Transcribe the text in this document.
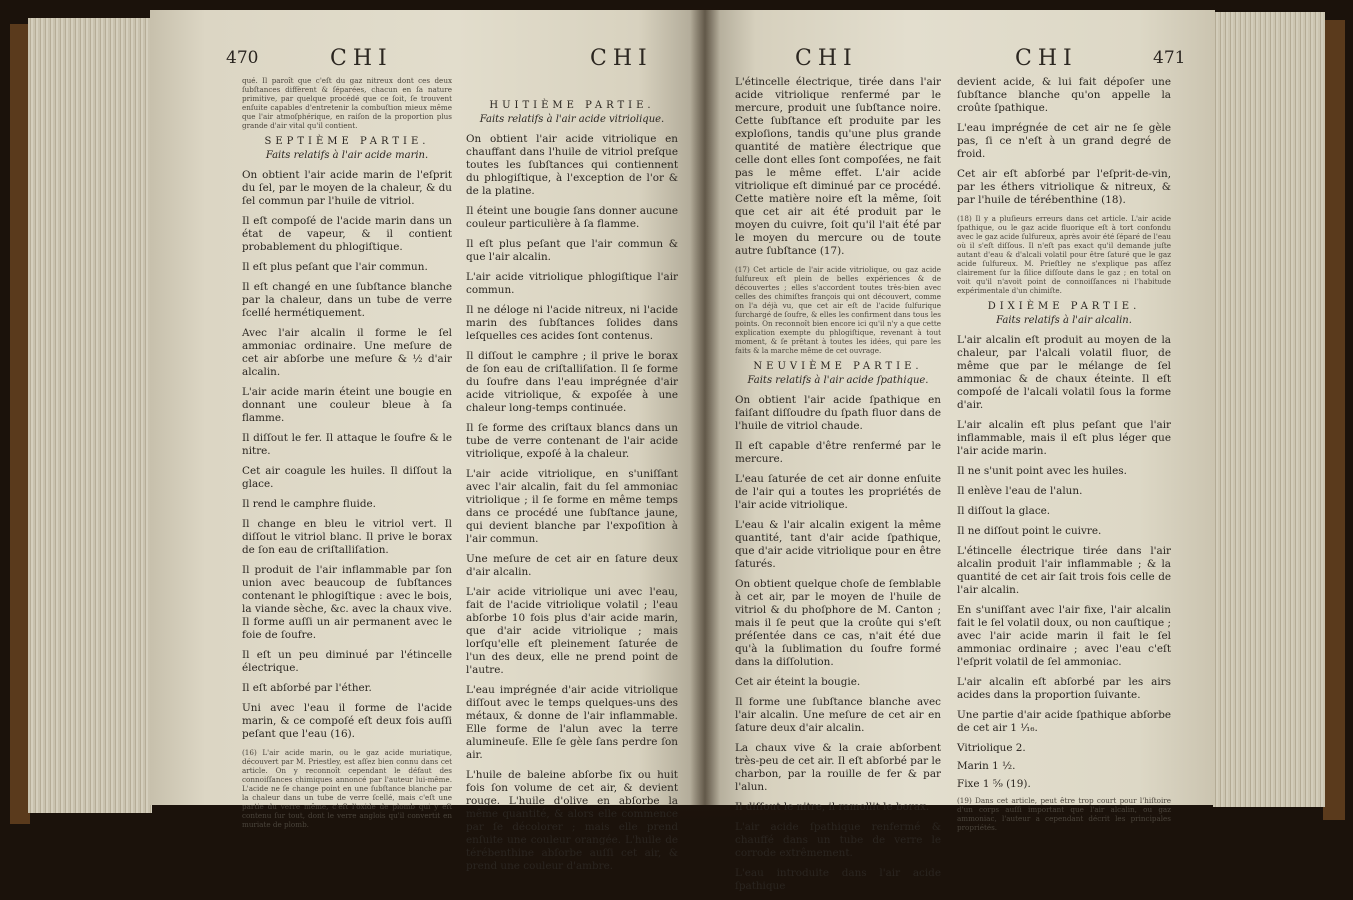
470	CHI	CHI

qué. Il paroît que c'eſt du gaz nitreux dont ces deux ſubſtances diffèrent & ſéparées, chacun en ſa nature primitive, par quelque procédé que ce ſoit, ſe trouvent enſuite capables d'entretenir la combuſtion mieux même que l'air atmoſphérique, en raiſon de la proportion plus grande d'air vital qu'il contient.

SEPTIÈME PARTIE.
Faits relatifs à l'air acide marin.

On obtient l'air acide marin de l'eſprit du ſel, par le moyen de la chaleur, & du ſel commun par l'huile de vitriol.

Il eſt compoſé de l'acide marin dans un état de vapeur, & il contient probablement du phlogiſtique.

Il eſt plus peſant que l'air commun.

Il eſt changé en une ſubſtance blanche par la chaleur, dans un tube de verre ſcellé hermétiquement.

Avec l'air alcalin il forme le ſel ammoniac ordinaire. Une meſure de cet air abſorbe une meſure & ½ d'air alcalin.

L'air acide marin éteint une bougie en donnant une couleur bleue à ſa flamme.

Il diſſout le fer. Il attaque le ſoufre & le nitre.

Cet air coagule les huiles. Il diſſout la glace.

Il rend le camphre fluide.

Il change en bleu le vitriol vert. Il diſſout le vitriol blanc. Il prive le borax de ſon eau de criſtalliſation.

Il produit de l'air inflammable par ſon union avec beaucoup de ſubſtances contenant le phlogiſtique : avec le bois, la viande sèche, &c. avec la chaux vive. Il forme auſſi un air permanent avec le foie de ſoufre.

Il eſt un peu diminué par l'étincelle électrique.

Il eſt abſorbé par l'éther.

Uni avec l'eau il forme de l'acide marin, & ce compoſé eſt deux fois auſſi peſant que l'eau (16).

(16) L'air acide marin, ou le gaz acide muriatique, découvert par M. Priestley, est aſſez bien connu dans cet article. On y reconnoît cependant le défaut des connoiſſances chimiques annoncé par l'auteur lui-même. L'acide ne ſe change point en une ſubſtance blanche par la chaleur dans un tube de verre ſcellé, mais c'eſt une partie du verre même, c'eſt l'oxide de plomb qui y eſt contenu ſur tout, dont le verre anglois qu'il convertit en muriate de plomb.

HUITIÈME PARTIE.
Faits relatifs à l'air acide vitriolique.

On obtient l'air acide vitriolique en chauffant dans l'huile de vitriol preſque toutes les ſubſtances qui contiennent du phlogiſtique, à l'exception de l'or & de la platine.

Il éteint une bougie ſans donner aucune couleur particulière à ſa flamme.

Il eſt plus peſant que l'air commun & que l'air alcalin.

L'air acide vitriolique phlogiſtique l'air commun.

Il ne déloge ni l'acide nitreux, ni l'acide marin des ſubſtances ſolides dans leſquelles ces acides ſont contenus.

Il diſſout le camphre ; il prive le borax de ſon eau de criſtalliſation. Il ſe forme du ſoufre dans l'eau imprégnée d'air acide vitriolique, & expoſée à une chaleur long-temps continuée.

Il ſe forme des criſtaux blancs dans un tube de verre contenant de l'air acide vitriolique, expoſé à la chaleur.

L'air acide vitriolique, en s'uniſſant avec l'air alcalin, fait du ſel ammoniac vitriolique ; il ſe forme en même temps dans ce procédé une ſubſtance jaune, qui devient blanche par l'expoſition à l'air commun.

Une meſure de cet air en ſature deux d'air alcalin.

L'air acide vitriolique uni avec l'eau, fait de l'acide vitriolique volatil ; l'eau abſorbe 10 fois plus d'air acide marin, que d'air acide vitriolique ; mais lorſqu'elle eſt pleinement ſaturée de l'un des deux, elle ne prend point de l'autre.

L'eau imprégnée d'air acide vitriolique diſſout avec le temps quelques-uns des métaux, & donne de l'air inflammable. Elle forme de l'alun avec la terre alumineuſe. Elle ſe gèle ſans perdre ſon air.

L'huile de baleine abſorbe ſix ou huit fois ſon volume de cet air, & devient rouge. L'huile d'olive en abſorbe la même quantité, & alors elle commence par ſe décolorer ; mais elle prend enſuite une couleur orangée. L'huile de térébenthine abſorbe auſſi cet air, & prend une couleur d'ambre.

CHI	CHI	471

L'étincelle électrique, tirée dans l'air acide vitriolique renfermé par le mercure, produit une ſubſtance noire. Cette ſubſtance eſt produite par les exploſions, tandis qu'une plus grande quantité de matière électrique que celle dont elles ſont compoſées, ne fait pas le même effet. L'air acide vitriolique eſt diminué par ce procédé. Cette matière noire eſt la même, ſoit que cet air ait été produit par le moyen du cuivre, ſoit qu'il l'ait été par le moyen du mercure ou de toute autre ſubſtance (17).

(17) Cet article de l'air acide vitriolique, ou gaz acide ſulfureux eſt plein de belles expériences & de découvertes ; elles s'accordent toutes très-bien avec celles des chimiſtes françois qui ont découvert, comme on l'a déjà vu, que cet air eſt de l'acide ſulfurique ſurchargé de ſoufre, & elles les confirment dans tous les points. On reconnoît bien encore ici qu'il n'y a que cette explication exempte du phlogiſtique, revenant à tout moment, & ſe prêtant à toutes les idées, qui pare les faits & la marche même de cet ouvrage.

NEUVIÈME PARTIE.
Faits relatifs à l'air acide ſpathique.

On obtient l'air acide ſpathique en faiſant diſſoudre du ſpath fluor dans de l'huile de vitriol chaude.

Il eſt capable d'être renfermé par le mercure.

L'eau ſaturée de cet air donne enſuite de l'air qui a toutes les propriétés de l'air acide vitriolique.

L'eau & l'air alcalin exigent la même quantité, tant d'air acide ſpathique, que d'air acide vitriolique pour en être ſaturés.

On obtient quelque choſe de ſemblable à cet air, par le moyen de l'huile de vitriol & du phoſphore de M. Canton ; mais il ſe peut que la croûte qui s'eſt préſentée dans ce cas, n'ait été due qu'à la ſublimation du ſoufre formé dans la diſſolution.

Cet air éteint la bougie.

Il forme une ſubſtance blanche avec l'air alcalin. Une meſure de cet air en ſature deux d'air alcalin.

La chaux vive & la craie abſorbent très-peu de cet air. Il eſt abſorbé par le charbon, par la rouille de fer & par l'alun.

Il diſſout le nitre, il ramollit le borax.

L'air acide ſpathique renfermé & chauffé dans un tube de verre le corrode extrêmement.

L'eau introduite dans l'air acide ſpathique

devient acide, & lui fait dépoſer une ſubſtance blanche qu'on appelle la croûte ſpathique.

L'eau imprégnée de cet air ne ſe gèle pas, ſi ce n'eſt à un grand degré de froid.

Cet air eſt abſorbé par l'eſprit-de-vin, par les éthers vitriolique & nitreux, & par l'huile de térébenthine (18).

(18) Il y a pluſieurs erreurs dans cet article. L'air acide ſpathique, ou le gaz acide fluorique eſt à tort confondu avec le gaz acide ſulfureux, après avoir été ſéparé de l'eau où il s'eſt diſſous. Il n'eſt pas exact qu'il demande juſte autant d'eau & d'alcali volatil pour être ſaturé que le gaz acide ſulfureux. M. Prieſtley ne s'explique pas aſſez clairement ſur la ſilice diſſoute dans le gaz ; en total on voit qu'il n'avoit point de connoiſſances ni l'habitude expérimentale d'un chimiſte.

DIXIÈME PARTIE.
Faits relatifs à l'air alcalin.

L'air alcalin eſt produit au moyen de la chaleur, par l'alcali volatil fluor, de même que par le mélange de ſel ammoniac & de chaux éteinte. Il eſt compoſé de l'alcali volatil ſous la forme d'air.

L'air alcalin eſt plus peſant que l'air inflammable, mais il eſt plus léger que l'air acide marin.

Il ne s'unit point avec les huiles.

Il enlève l'eau de l'alun.

Il diſſout la glace.

Il ne diſſout point le cuivre.

L'étincelle électrique tirée dans l'air alcalin produit l'air inflammable ; & la quantité de cet air ſait trois fois celle de l'air alcalin.

En s'uniſſant avec l'air fixe, l'air alcalin fait le ſel volatil doux, ou non cauſtique ; avec l'air acide marin il fait le ſel ammoniac ordinaire ; avec l'eau c'eſt l'eſprit volatil de ſel ammoniac.

L'air alcalin eſt abſorbé par les airs acides dans la proportion ſuivante.

Une partie d'air acide ſpathique abſorbe de cet air 1 ¹⁄₁₆.

Vitriolique 2.
Marin 1 ½.
Fixe 1 ⁵⁄₉ (19).

(19) Dans cet article, peut être trop court pour l'hiſtoire d'un corps auſſi important que l'air alcalin, ou gaz ammoniac, l'auteur a cependant décrit les principales propriétés.
